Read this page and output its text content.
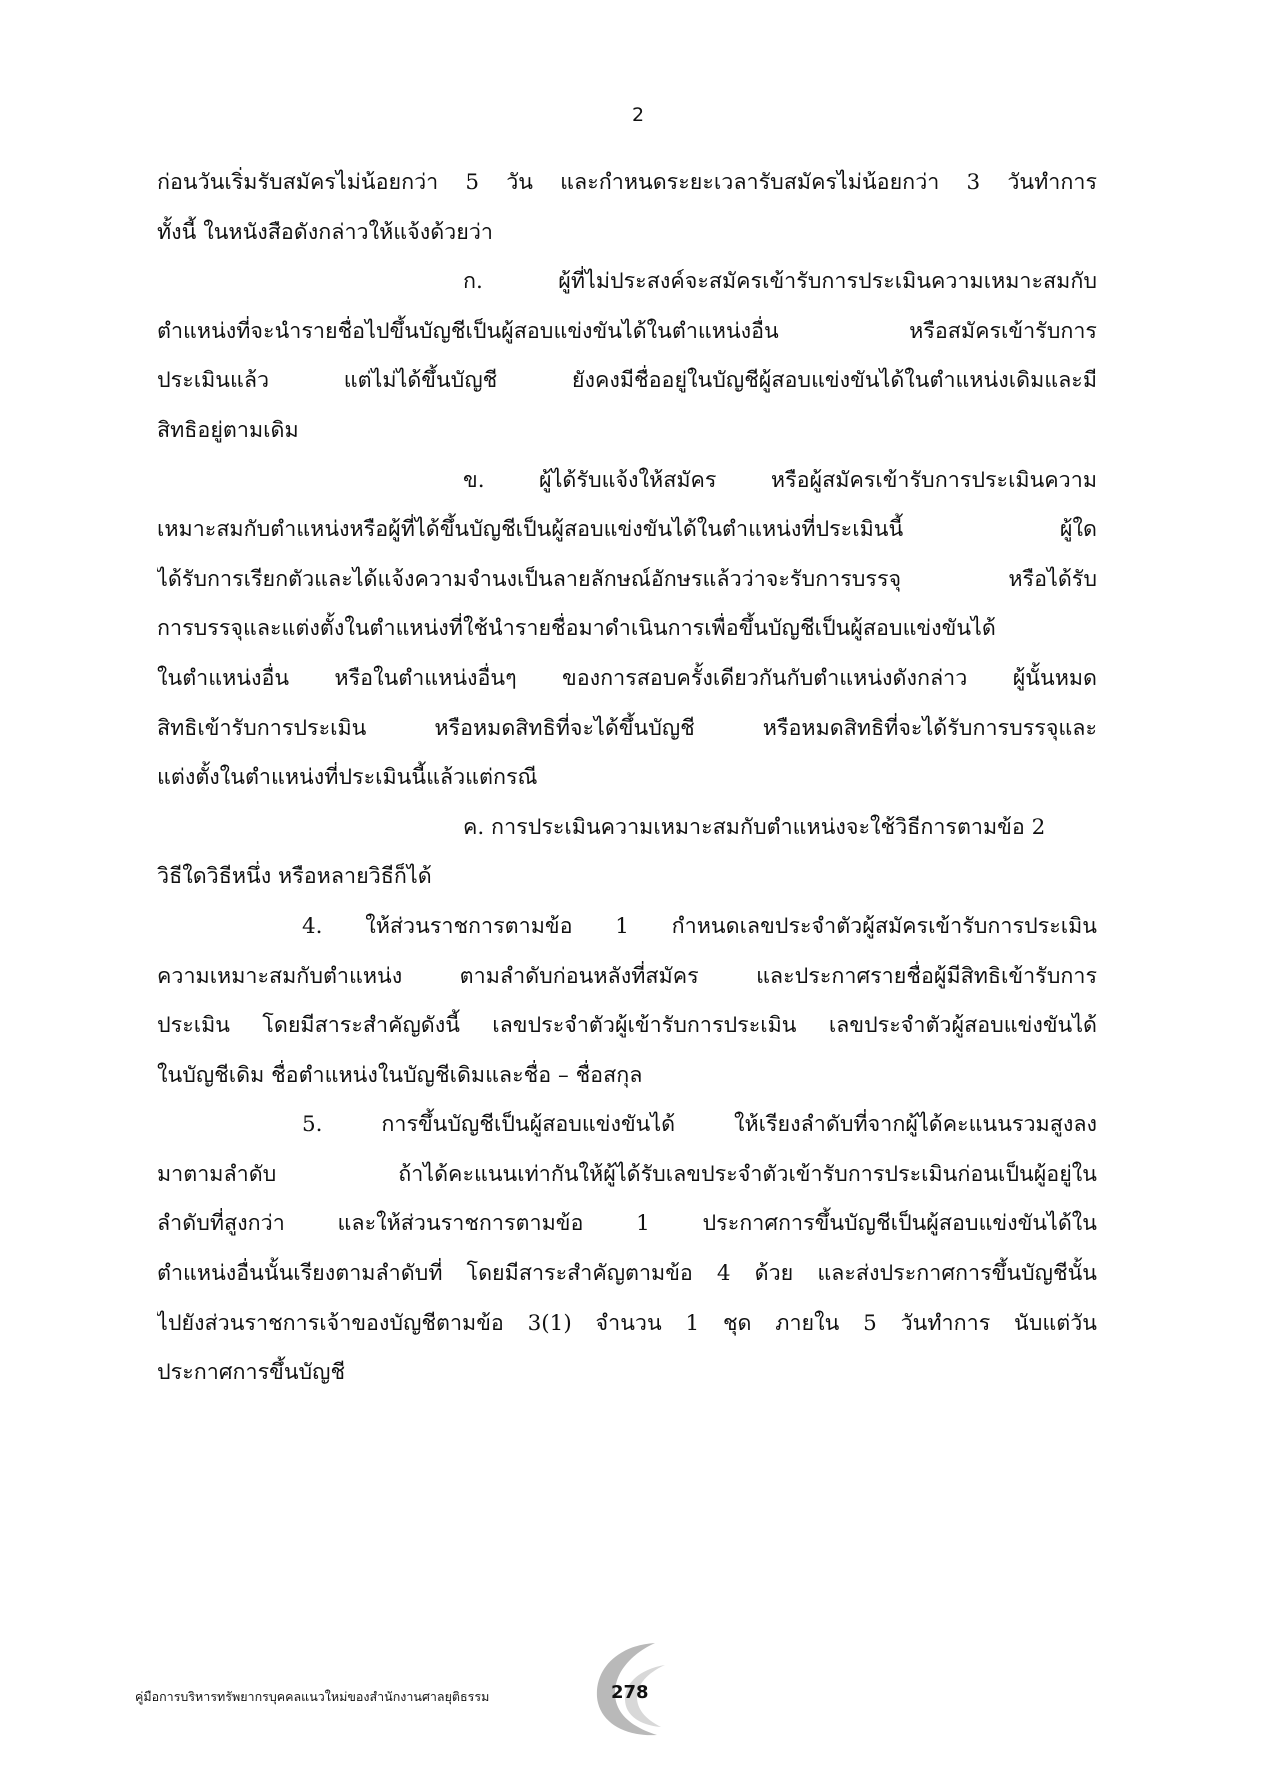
2
ก่อนวันเริ่มรับสมัครไม่น้อยกว่า 5 วัน และกำหนดระยะเวลารับสมัครไม่น้อยกว่า 3 วันทำการ
ทั้งนี้ ในหนังสือดังกล่าวให้แจ้งด้วยว่า
ก. ผู้ที่ไม่ประสงค์จะสมัครเข้ารับการประเมินความเหมาะสมกับ
ตำแหน่งที่จะนำรายชื่อไปขึ้นบัญชีเป็นผู้สอบแข่งขันได้ในตำแหน่งอื่น หรือสมัครเข้ารับการ
ประเมินแล้ว แต่ไม่ได้ขึ้นบัญชี ยังคงมีชื่ออยู่ในบัญชีผู้สอบแข่งขันได้ในตำแหน่งเดิมและมี
สิทธิอยู่ตามเดิม
ข. ผู้ได้รับแจ้งให้สมัคร หรือผู้สมัครเข้ารับการประเมินความ
เหมาะสมกับตำแหน่งหรือผู้ที่ได้ขึ้นบัญชีเป็นผู้สอบแข่งขันได้ในตำแหน่งที่ประเมินนี้ ผู้ใด
ได้รับการเรียกตัวและได้แจ้งความจำนงเป็นลายลักษณ์อักษรแล้วว่าจะรับการบรรจุ หรือได้รับ
การบรรจุและแต่งตั้งในตำแหน่งที่ใช้นำรายชื่อมาดำเนินการเพื่อขึ้นบัญชีเป็นผู้สอบแข่งขันได้
ในตำแหน่งอื่น หรือในตำแหน่งอื่นๆ ของการสอบครั้งเดียวกันกับตำแหน่งดังกล่าว ผู้นั้นหมด
สิทธิเข้ารับการประเมิน หรือหมดสิทธิที่จะได้ขึ้นบัญชี หรือหมดสิทธิที่จะได้รับการบรรจุและ
แต่งตั้งในตำแหน่งที่ประเมินนี้แล้วแต่กรณี
ค. การประเมินความเหมาะสมกับตำแหน่งจะใช้วิธีการตามข้อ 2
วิธีใดวิธีหนึ่ง หรือหลายวิธีก็ได้
4. ให้ส่วนราชการตามข้อ 1 กำหนดเลขประจำตัวผู้สมัครเข้ารับการประเมิน
ความเหมาะสมกับตำแหน่ง ตามลำดับก่อนหลังที่สมัคร และประกาศรายชื่อผู้มีสิทธิเข้ารับการ
ประเมิน โดยมีสาระสำคัญดังนี้ เลขประจำตัวผู้เข้ารับการประเมิน เลขประจำตัวผู้สอบแข่งขันได้
ในบัญชีเดิม ชื่อตำแหน่งในบัญชีเดิมและชื่อ – ชื่อสกุล
5. การขึ้นบัญชีเป็นผู้สอบแข่งขันได้ ให้เรียงลำดับที่จากผู้ได้คะแนนรวมสูงลง
มาตามลำดับ ถ้าได้คะแนนเท่ากันให้ผู้ได้รับเลขประจำตัวเข้ารับการประเมินก่อนเป็นผู้อยู่ใน
ลำดับที่สูงกว่า และให้ส่วนราชการตามข้อ 1 ประกาศการขึ้นบัญชีเป็นผู้สอบแข่งขันได้ใน
ตำแหน่งอื่นนั้นเรียงตามลำดับที่ โดยมีสาระสำคัญตามข้อ 4 ด้วย และส่งประกาศการขึ้นบัญชีนั้น
ไปยังส่วนราชการเจ้าของบัญชีตามข้อ 3(1) จำนวน 1 ชุด ภายใน 5 วันทำการ นับแต่วัน
ประกาศการขึ้นบัญชี
คู่มือการบริหารทรัพยากรบุคคลแนวใหม่ของสำนักงานศาลยุติธรรม	278
